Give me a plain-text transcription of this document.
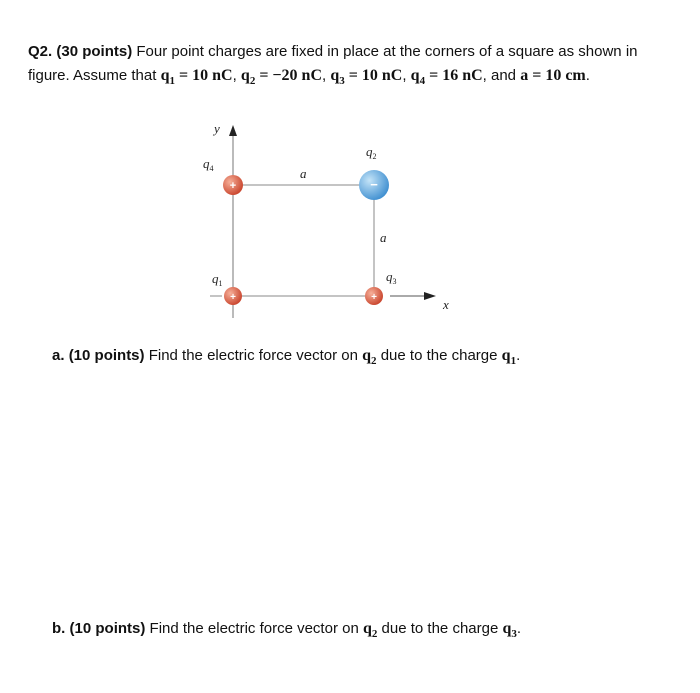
Q2. (30 points) Four point charges are fixed in place at the corners of a square as shown in figure. Assume that $q_1 = 10$ nC, $q_2 = -20$ nC, $q_3 = 10$ nC, $q_4 = 16$ nC, and a = 10 cm.
y
x
a
a
+
$q_4$
−
$q_2$
+
$q_1$
+
$q_3$
a. (10 points) Find the electric force vector on $q_2$ due to the charge $q_1$.
b. (10 points) Find the electric force vector on $q_2$ due to the charge $q_3$.
